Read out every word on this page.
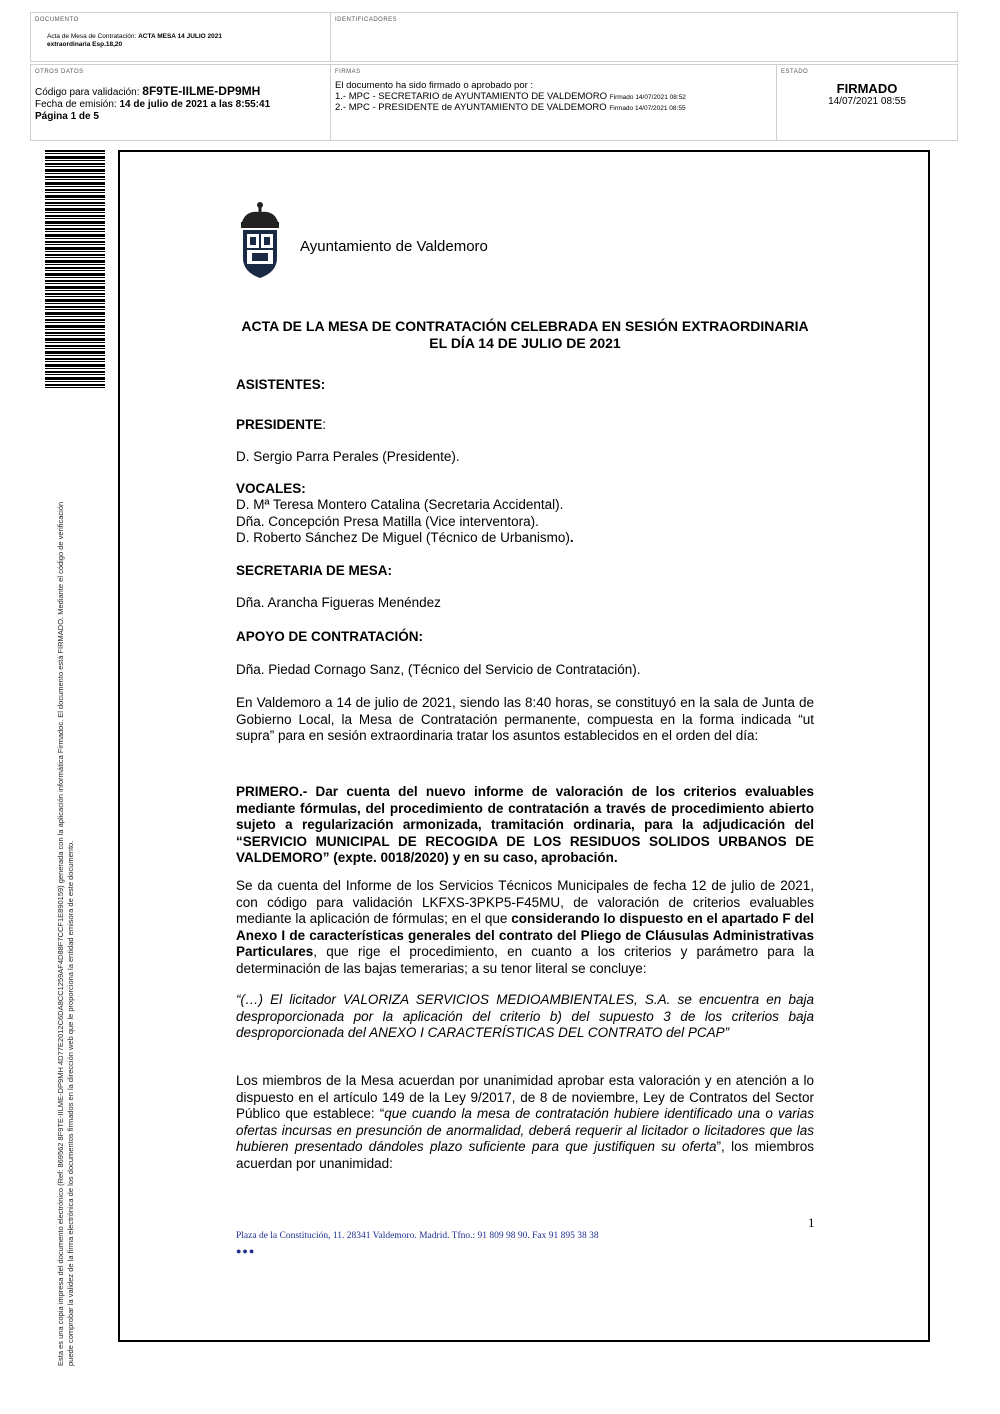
DOCUMENTO
Acta de Mesa de Contratación: ACTA MESA 14 JULIO 2021
extraordinaria Esp.18,20
IDENTIFICADORES
OTROS DATOS
Código para validación: 8F9TE-IILME-DP9MH
Fecha de emisión: 14 de julio de 2021 a las 8:55:41
Página 1 de 5
FIRMAS
El documento ha sido firmado o aprobado por :
1.- MPC - SECRETARIO de AYUNTAMIENTO DE VALDEMORO Firmado 14/07/2021 08:52
2.- MPC - PRESIDENTE de AYUNTAMIENTO DE VALDEMORO Firmado 14/07/2021 08:55
ESTADO
FIRMADO
14/07/2021 08:55
Esta es una copia impresa del documento electrónico (Ref: 869562 8F9TE-IILME-DP9MH 4D77E2012C6DA8CC1259AF4D88F7CCF1E890159) generada con la aplicación informática Firmadoc. El documento está FIRMADO. Mediante el código de verificación puede comprobar la validez de la firma electrónica de los documentos firmados en la dirección web que le proporciona la entidad emisora de este documento.
Ayuntamiento de Valdemoro
ACTA DE LA MESA DE CONTRATACIÓN CELEBRADA EN SESIÓN EXTRAORDINARIA EL DÍA 14 DE JULIO DE 2021
ASISTENTES:
PRESIDENTE:
D. Sergio Parra Perales (Presidente).
VOCALES:
D. Mª Teresa Montero Catalina (Secretaria Accidental).
Dña. Concepción Presa Matilla (Vice interventora).
D. Roberto Sánchez De Miguel (Técnico de Urbanismo).
SECRETARIA DE MESA:
Dña. Arancha Figueras Menéndez
APOYO DE CONTRATACIÓN:
Dña. Piedad Cornago Sanz, (Técnico del Servicio de Contratación).
En Valdemoro a 14 de julio de 2021, siendo las 8:40 horas, se constituyó en la sala de Junta de Gobierno Local, la Mesa de Contratación permanente, compuesta en la forma indicada “ut supra” para en sesión extraordinaria tratar los asuntos establecidos en el orden del día:
PRIMERO.- Dar cuenta del nuevo informe de valoración de los criterios evaluables mediante fórmulas, del procedimiento de contratación a través de procedimiento abierto sujeto a regularización armonizada, tramitación ordinaria, para la adjudicación del “SERVICIO MUNICIPAL DE RECOGIDA DE LOS RESIDUOS SOLIDOS URBANOS DE VALDEMORO” (expte. 0018/2020) y en su caso, aprobación.
Se da cuenta del Informe de los Servicios Técnicos Municipales de fecha 12 de julio de 2021, con código para validación LKFXS-3PKP5-F45MU, de valoración de criterios evaluables mediante la aplicación de fórmulas; en el que considerando lo dispuesto en el apartado F del Anexo I de características generales del contrato del Pliego de Cláusulas Administrativas Particulares, que rige el procedimiento, en cuanto a los criterios y parámetro para la determinación de las bajas temerarias; a su tenor literal se concluye:
“(…) El licitador VALORIZA SERVICIOS MEDIOAMBIENTALES, S.A. se encuentra en baja desproporcionada por la aplicación del criterio b) del supuesto 3 de los criterios baja desproporcionada del ANEXO I CARACTERÍSTICAS DEL CONTRATO del PCAP”
Los miembros de la Mesa acuerdan por unanimidad aprobar esta valoración y en atención a lo dispuesto en el artículo 149 de la Ley 9/2017, de 8 de noviembre, Ley de Contratos del Sector Público que establece: “que cuando la mesa de contratación hubiere identificado una o varias ofertas incursas en presunción de anormalidad, deberá requerir al licitador o licitadores que las hubieren presentado dándoles plazo suficiente para que justifiquen su oferta”, los miembros acuerdan por unanimidad:
1
Plaza de la Constitución, 11. 28341 Valdemoro. Madrid. Tfno.: 91 809 98 90. Fax 91 895 38 38
●●●
